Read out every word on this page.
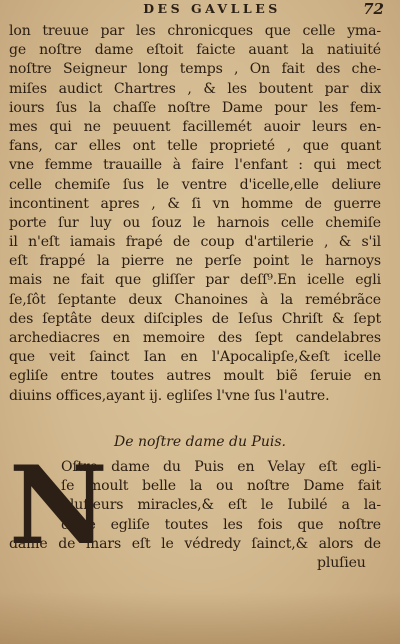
DES GAVLLES	72
lon treuue par les chronicques que celle ymа-
ge noſtre dame eſtoit faicte auant la natiuité
noſtre Seigneur long temps , On fait des che-
miſes audict Chartres , & les boutent par dix
iours ſus la chaſſe noſtre Dame pour les fem-
mes qui ne peuuent facillemét auoir leurs en-
fans, car elles ont telle proprieté , que quant
vne femme trauaille à faire l'enfant : qui mect
celle chemiſe ſus le ventre d'icelle,elle deliure
incontinent apres , & ſi vn homme de guerre
porte ſur luy ou ſouz le harnois celle chemiſe
il n'eſt iamais frapé de coup d'artilerie , & s'il
eſt frappé la pierre ne perſe point le harnoys
mais ne fait que gliſſer par deſſ⁹.En icelle egli
ſe,ſôt ſeptante deux Chanoines à la remébrãce
des ſeptâte deux diſciples de Ieſus Chriſt & ſept
archediacres en memoire des ſept candelabres
que veit ſainct Ian en l'Apocalipſe,&eſt icelle
egliſe entre toutes autres moult biẽ ſeruie en
diuins offices,ayant ij. egliſes l'vne ſus l'autre.
De noſtre dame du Puis.
N
Oſtre dame du Puis en Velay eſt egli-
ſe moult belle la ou noſtre Dame fait
pluſieurs miracles,& eſt le Iubilé a la-
dicte egliſe toutes les fois que noſtre
dame de mars eſt le védredy ſainct,& alors de
pluſieu
